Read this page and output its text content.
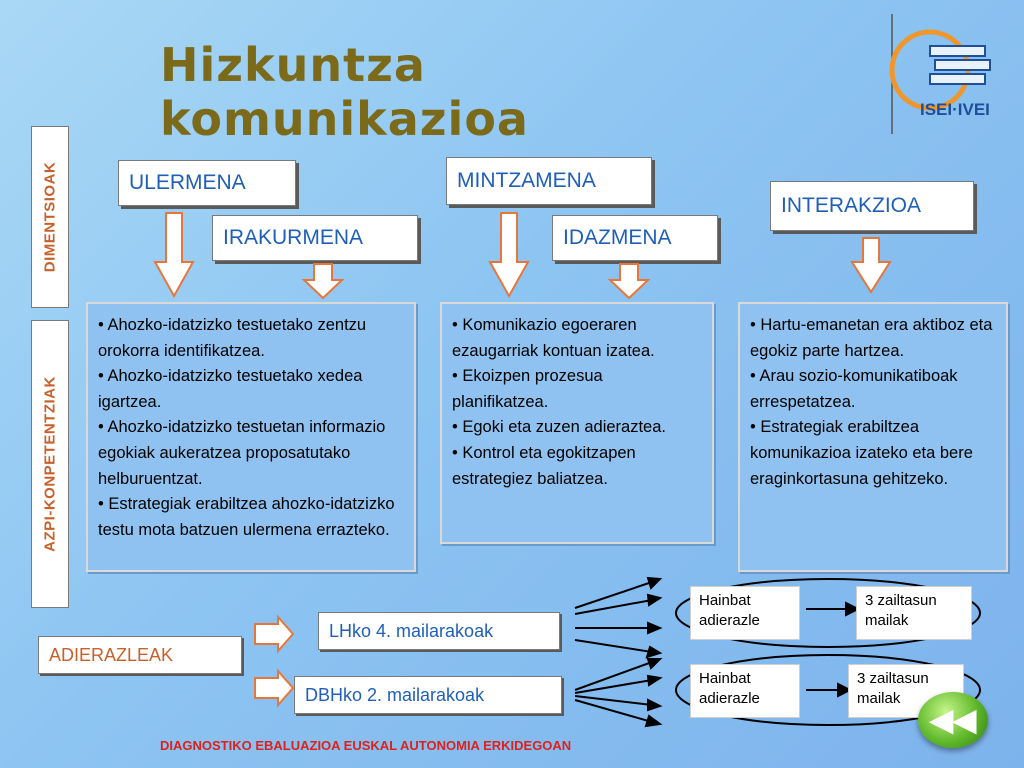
Hizkuntza komunikazioa	ISEI·IVEI
DIMENTSIOAK
AZPI-KONPETENTZIAK
ULERMENA
IRAKURMENA
MINTZAMENA
IDAZMENA
INTERAKZIOA
• Ahozko-idatzizko testuetako zentzu orokorra identifikatzea.
• Ahozko-idatzizko testuetako xedea igartzea.
• Ahozko-idatzizko testuetan informazio egokiak aukeratzea proposatutako helburuentzat.
• Estrategiak erabiltzea ahozko-idatzizko testu mota batzuen ulermena errazteko.
• Komunikazio egoeraren ezaugarriak kontuan izatea.
• Ekoizpen prozesua planifikatzea.
• Egoki eta zuzen adieraztea.
• Kontrol eta egokitzapen estrategiez baliatzea.
• Hartu-emanetan era aktiboz eta egokiz parte hartzea.
• Arau sozio-komunikatiboak errespetatzea.
• Estrategiak erabiltzea komunikazioa izateko eta bere eraginkortasuna gehitzeko.
ADIERAZLEAK
LHko 4. mailarakoak
DBHko 2. mailarakoak
Hainbat adierazle
3 zailtasun mailak
Hainbat adierazle
3 zailtasun mailak
DIAGNOSTIKO EBALUAZIOA EUSKAL AUTONOMIA ERKIDEGOAN
◀◀
